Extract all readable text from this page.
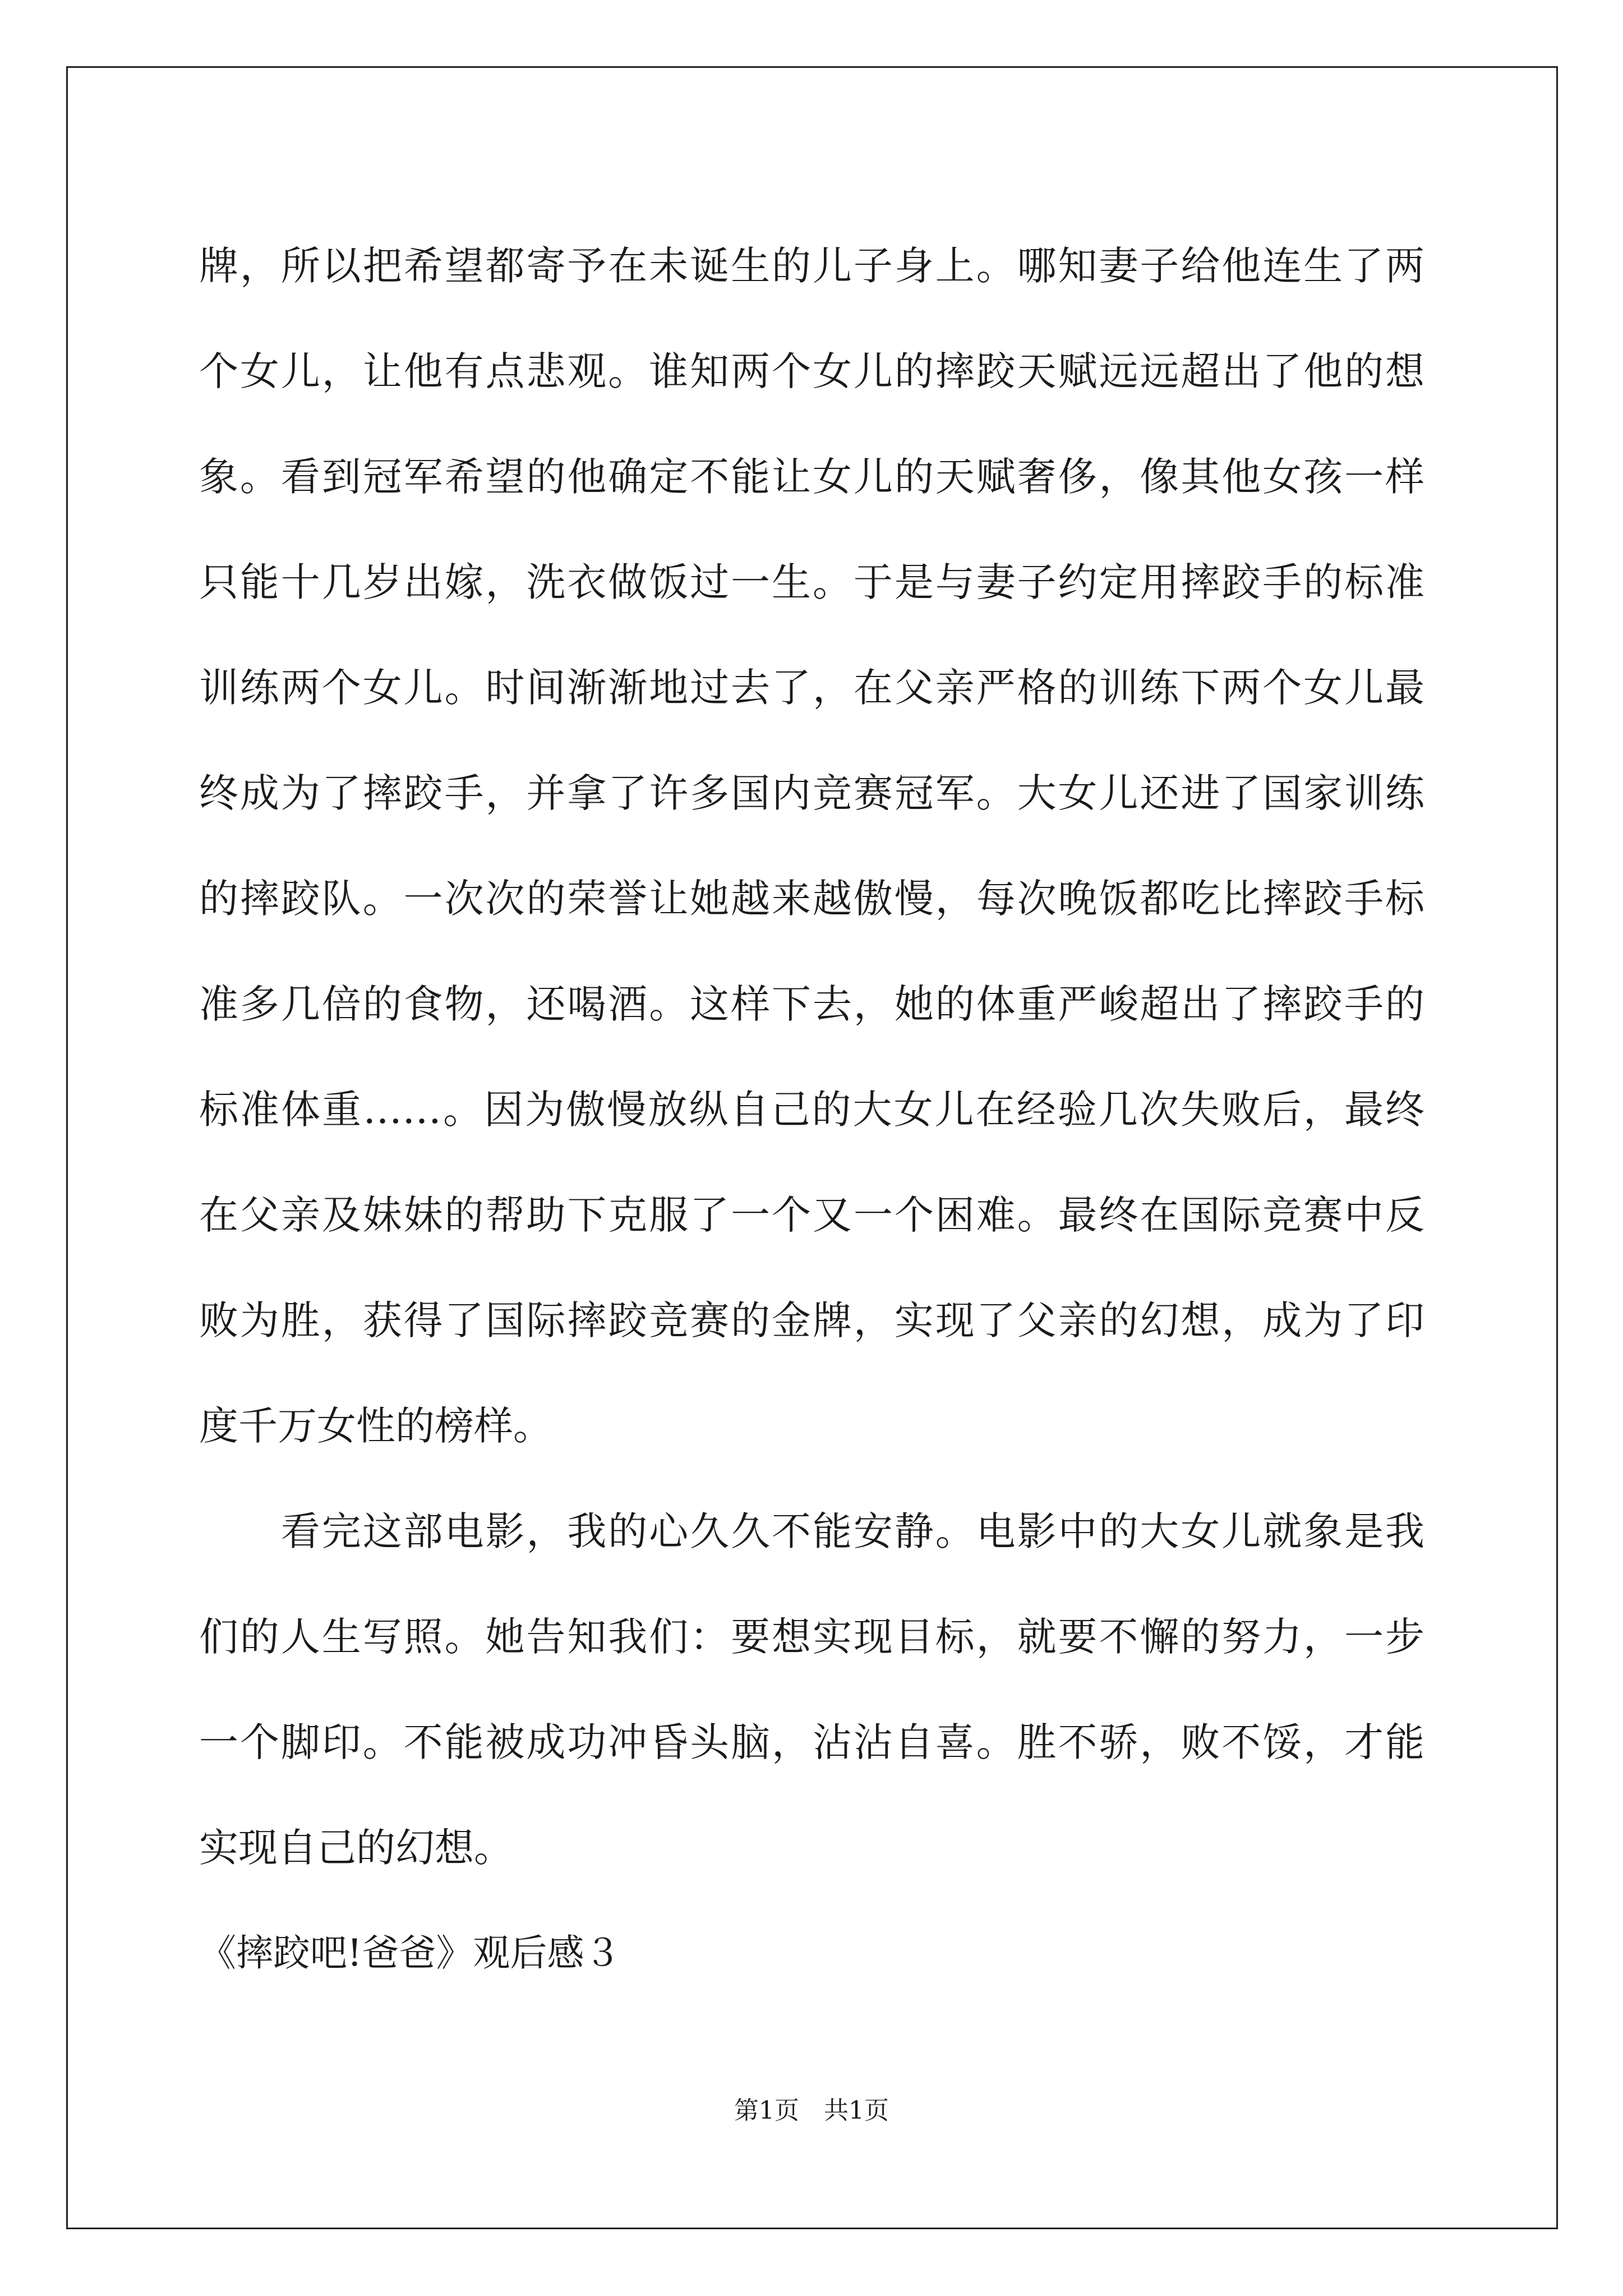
牌，所以把希望都寄予在未诞生的儿子身上。哪知妻子给他连生了两
个女儿，让他有点悲观。谁知两个女儿的摔跤天赋远远超出了他的想
象。看到冠军希望的他确定不能让女儿的天赋奢侈，像其他女孩一样
只能十几岁出嫁，洗衣做饭过一生。于是与妻子约定用摔跤手的标准
训练两个女儿。时间渐渐地过去了，在父亲严格的训练下两个女儿最
终成为了摔跤手，并拿了许多国内竞赛冠军。大女儿还进了国家训练
的摔跤队。一次次的荣誉让她越来越傲慢，每次晚饭都吃比摔跤手标
准多几倍的食物，还喝酒。这样下去，她的体重严峻超出了摔跤手的
标准体重……。因为傲慢放纵自己的大女儿在经验几次失败后，最终
在父亲及妹妹的帮助下克服了一个又一个困难。最终在国际竞赛中反
败为胜，获得了国际摔跤竞赛的金牌，实现了父亲的幻想，成为了印
度千万女性的榜样。
　　看完这部电影，我的心久久不能安静。电影中的大女儿就象是我
们的人生写照。她告知我们：要想实现目标，就要不懈的努力，一步
一个脚印。不能被成功冲昏头脑，沾沾自喜。胜不骄，败不馁，才能
实现自己的幻想。
《摔跤吧!爸爸》观后感３
第1页　共1页
